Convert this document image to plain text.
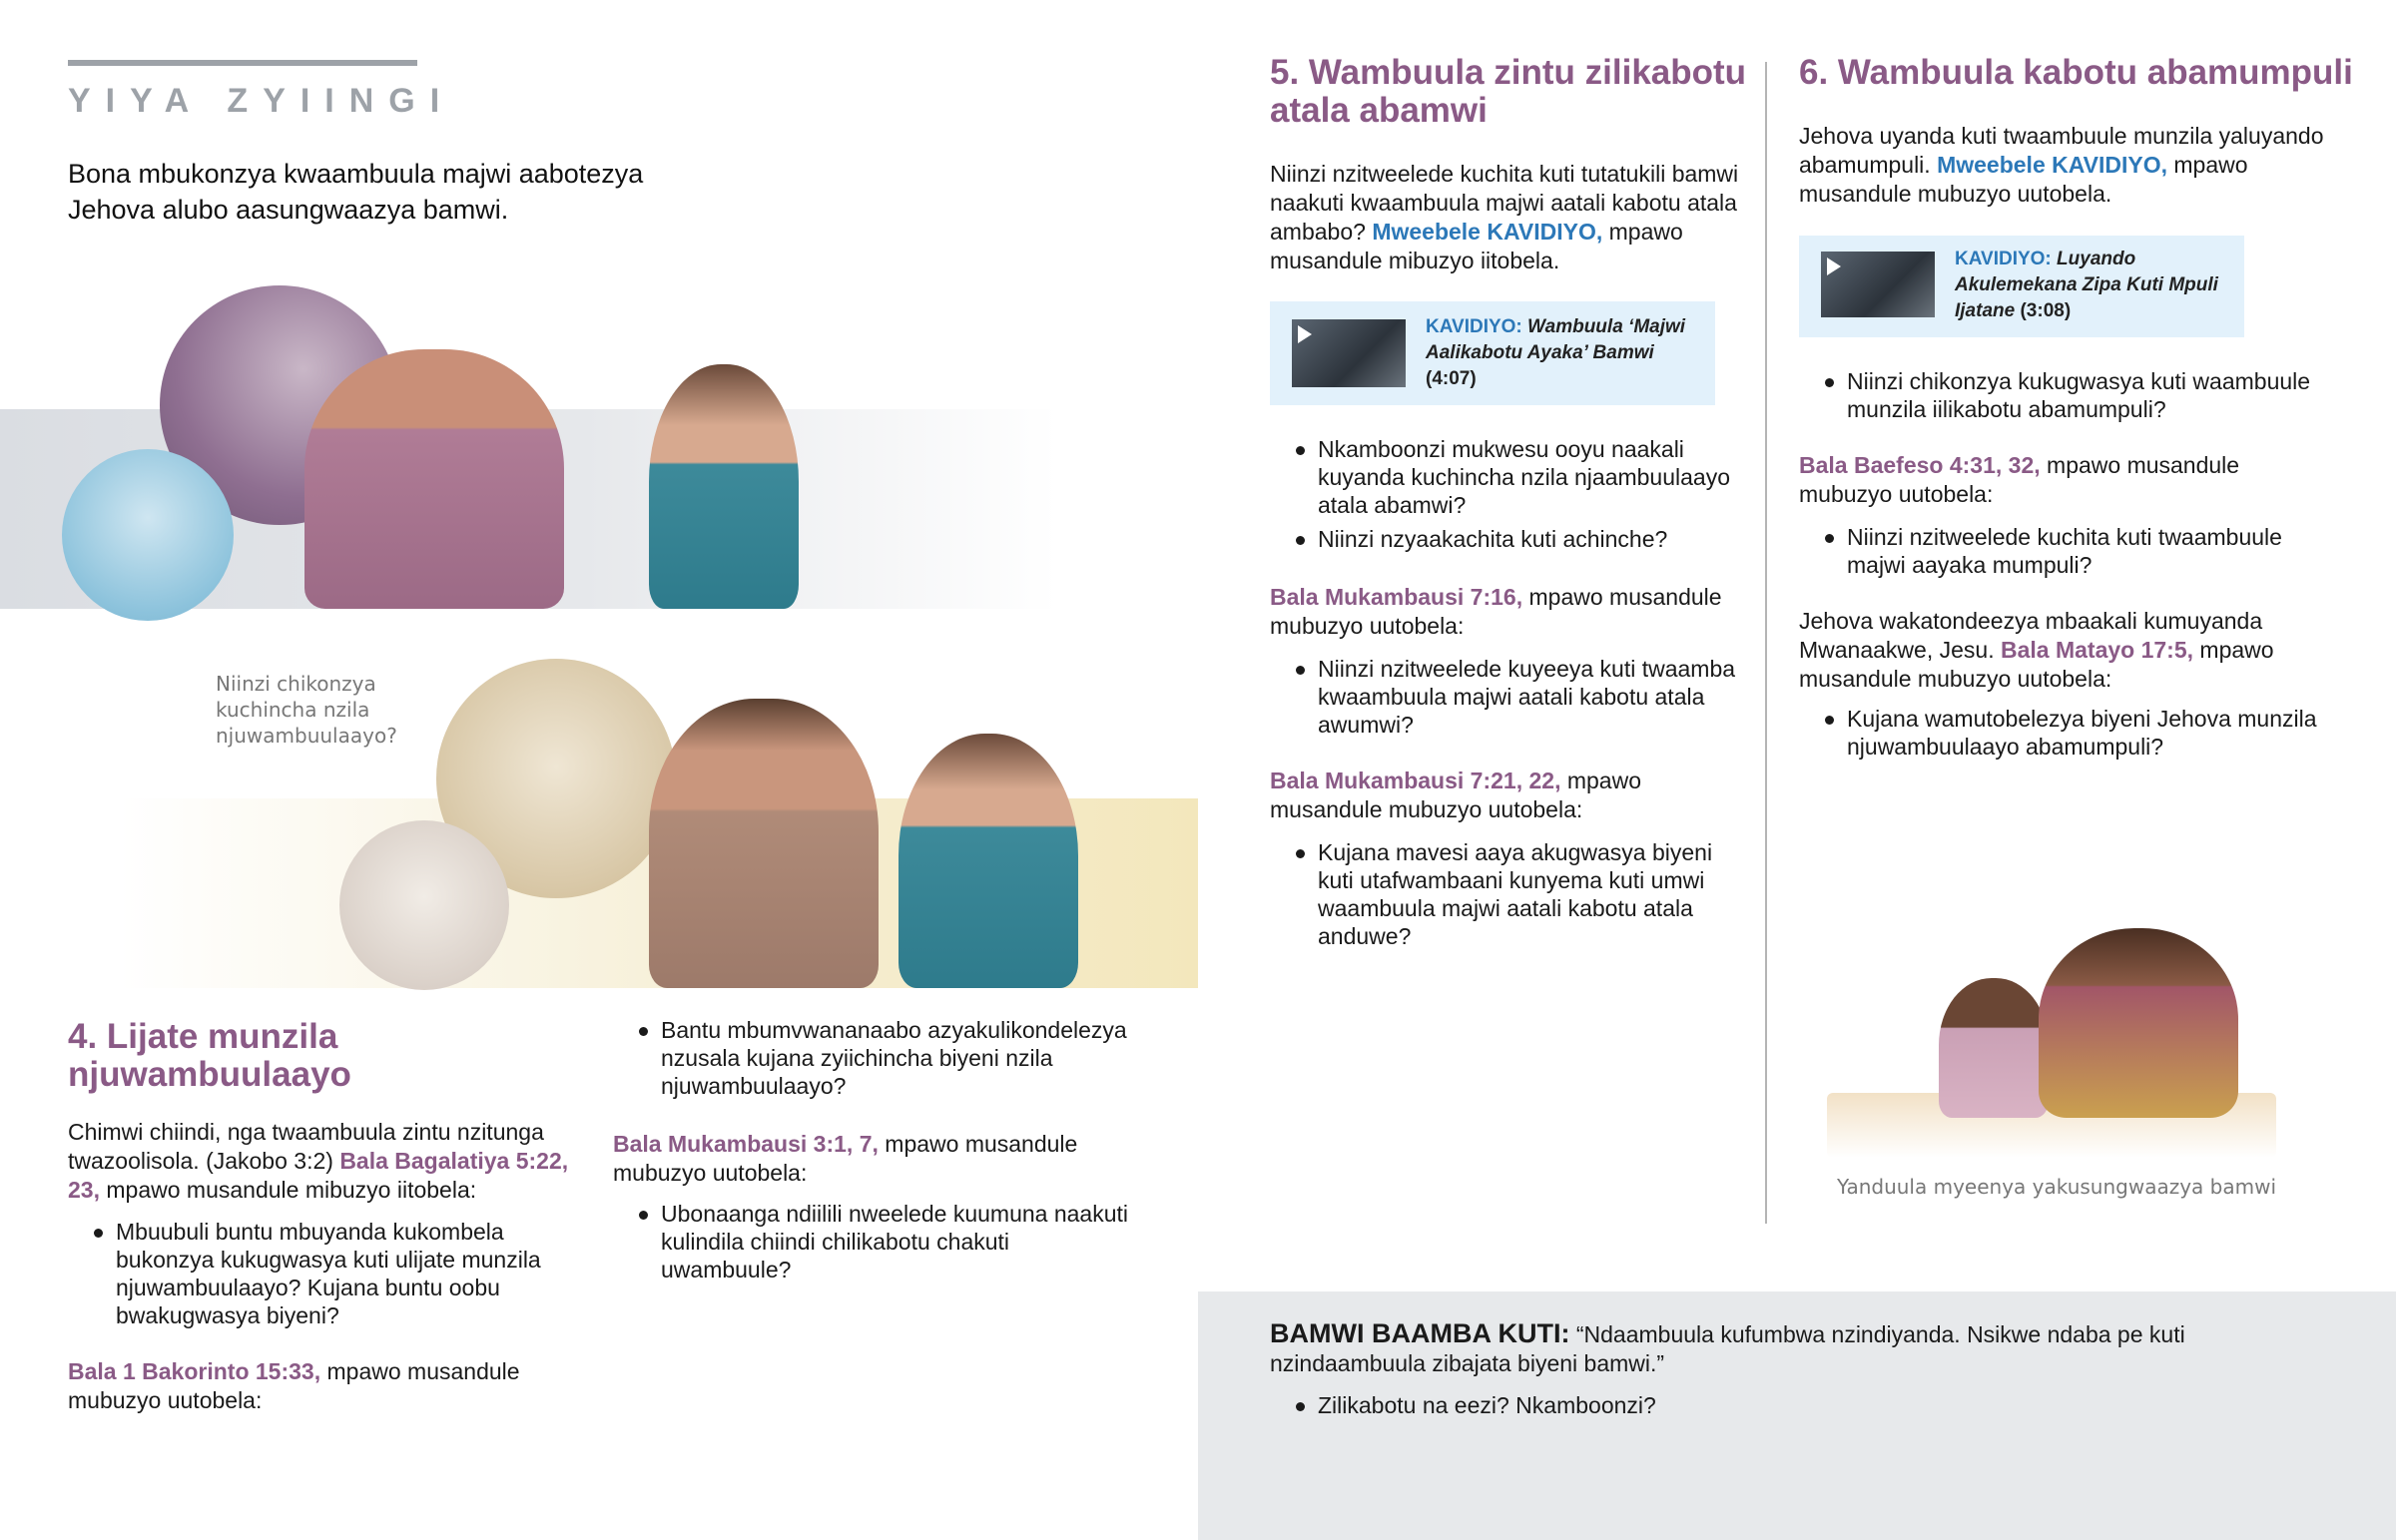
YIYA ZYIINGI
Bona mbukonzya kwaambuula majwi aabotezya
Jehova alubo aasungwaazya bamwi.
Niinzi chikonzya kuchincha nzila njuwambuulaayo?
4. Lijate munzila njuwambuulaayo
Chimwi chiindi, nga twaambuula zintu nzitunga twazoolisola. (Jakobo 3:2) Bala Bagalatiya 5:22, 23, mpawo musandule mibuzyo iitobela:
Mbuubuli buntu mbuyanda kukombela bukonzya kukugwasya kuti ulijate munzila njuwambuulaayo? Kujana buntu oobu bwakugwasya biyeni?
Bala 1 Bakorinto 15:33, mpawo musandule mubuzyo uutobela:
Bantu mbumvwananaabo azyakulikondelezya nzusala kujana zyiichincha biyeni nzila njuwambuulaayo?
Bala Mukambausi 3:1, 7, mpawo musandule mubuzyo uutobela:
Ubonaanga ndiilili nweelede kuumuna naakuti kulindila chiindi chilikabotu chakuti uwambuule?
5. Wambuula zintu zilikabotu atala abamwi
Niinzi nzitweelede kuchita kuti tutatukili bamwi naakuti kwaambuula majwi aatali kabotu atala ambabo? Mweebele KAVIDIYO, mpawo musandule mibuzyo iitobela.
KAVIDIYO: Wambuula ‘Majwi Aalikabotu Ayaka’ Bamwi (4:07)
Nkamboonzi mukwesu ooyu naakali kuyanda kuchincha nzila njaambuulaayo atala abamwi?
Niinzi nzyaakachita kuti achinche?
Bala Mukambausi 7:16, mpawo musandule mubuzyo uutobela:
Niinzi nzitweelede kuyeeya kuti twaamba kwaambuula majwi aatali kabotu atala awumwi?
Bala Mukambausi 7:21, 22, mpawo musandule mubuzyo uutobela:
Kujana mavesi aaya akugwasya biyeni kuti utafwambaani kunyema kuti umwi waambuula majwi aatali kabotu atala anduwe?
6. Wambuula kabotu abamumpuli
Jehova uyanda kuti twaambuule munzila yaluyando abamumpuli. Mweebele KAVIDIYO, mpawo musandule mubuzyo uutobela.
KAVIDIYO: Luyando Akulemekana Zipa Kuti Mpuli Ijatane (3:08)
Niinzi chikonzya kukugwasya kuti waambuule munzila iilikabotu abamumpuli?
Bala Baefeso 4:31, 32, mpawo musandule mubuzyo uutobela:
Niinzi nzitweelede kuchita kuti twaambuule majwi aayaka mumpuli?
Jehova wakatondeezya mbaakali kumuyanda Mwanaakwe, Jesu. Bala Matayo 17:5, mpawo musandule mubuzyo uutobela:
Kujana wamutobelezya biyeni Jehova munzila njuwambuulaayo abamumpuli?
Yanduula myeenya yakusungwaazya bamwi
BAMWI BAAMBA KUTI: “Ndaambuula kufumbwa nzindiyanda. Nsikwe ndaba pe kuti nzindaambuula zibajata biyeni bamwi.”
Zilikabotu na eezi? Nkamboonzi?
